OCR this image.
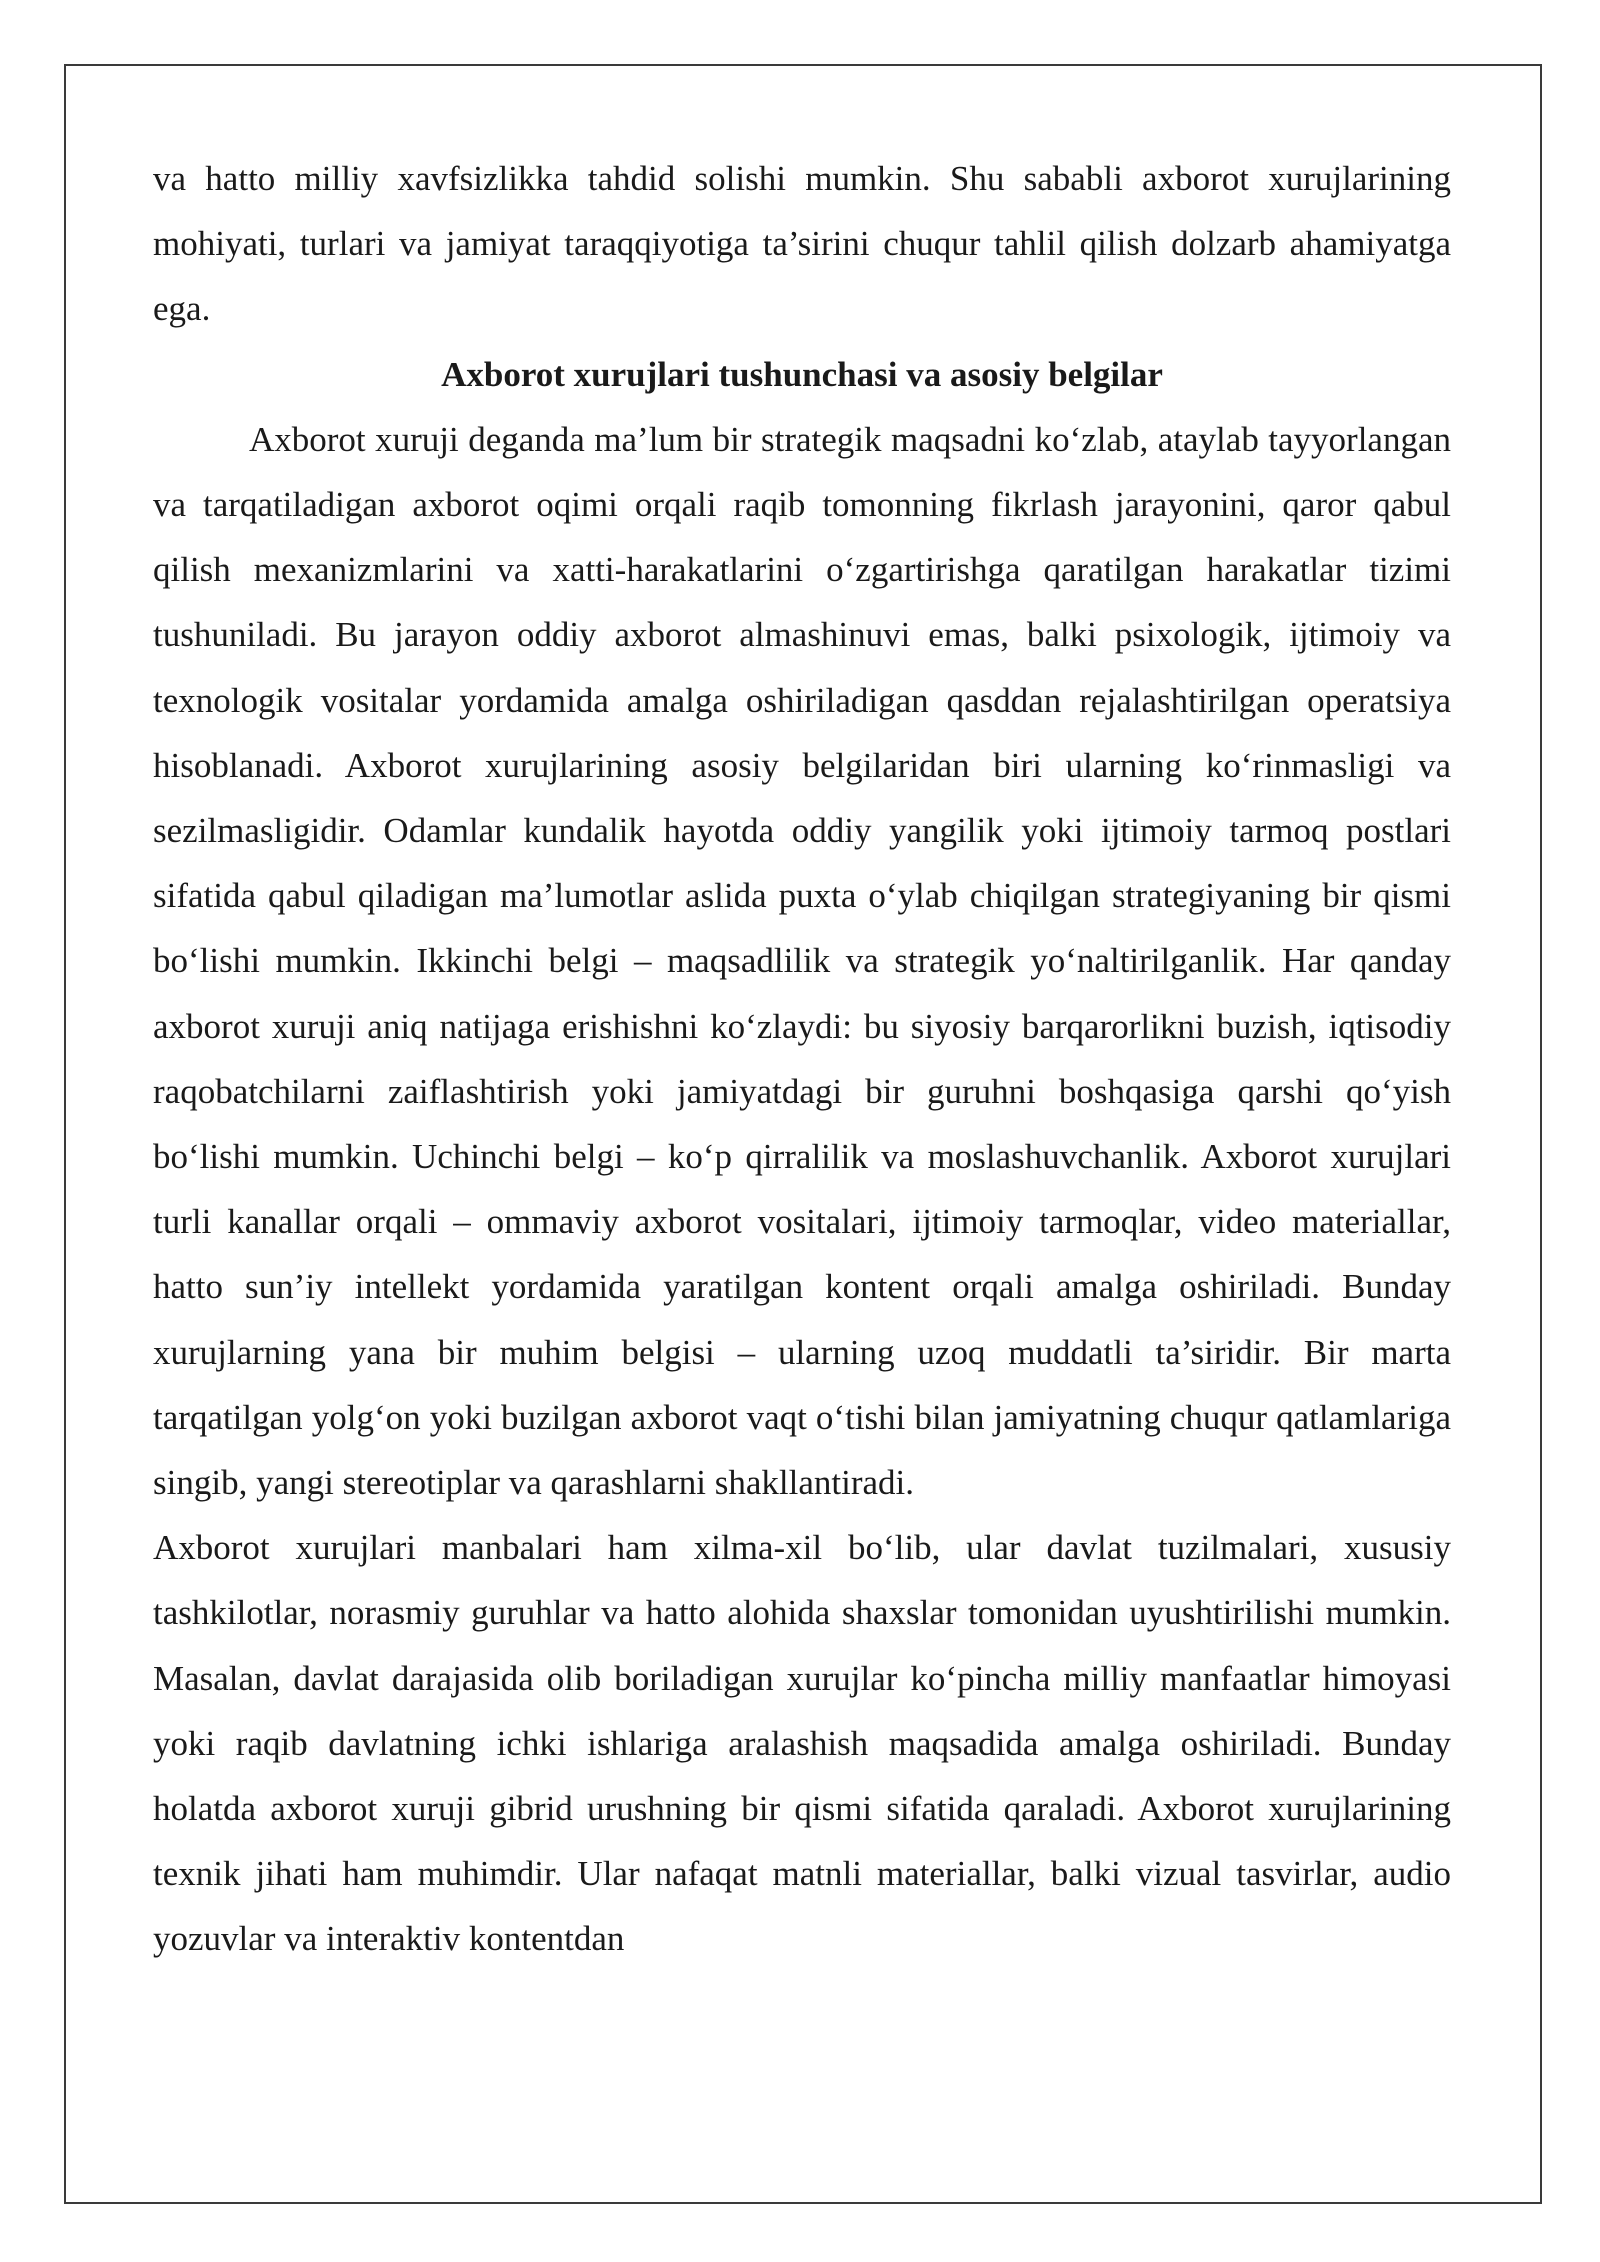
va hatto milliy xavfsizlikka tahdid solishi mumkin. Shu sababli axborot xurujlarining mohiyati, turlari va jamiyat taraqqiyotiga ta’sirini chuqur tahlil qilish dolzarb ahamiyatga ega.

Axborot xurujlari tushunchasi va asosiy belgilar

Axborot xuruji deganda ma’lum bir strategik maqsadni ko‘zlab, ataylab tayyorlangan va tarqatiladigan axborot oqimi orqali raqib tomonning fikrlash jarayonini, qaror qabul qilish mexanizmlarini va xatti-harakatlarini o‘zgartirishga qaratilgan harakatlar tizimi tushuniladi. Bu jarayon oddiy axborot almashinuvi emas, balki psixologik, ijtimoiy va texnologik vositalar yordamida amalga oshiriladigan qasddan rejalashtirilgan operatsiya hisoblanadi. Axborot xurujlarining asosiy belgilaridan biri ularning ko‘rinmasligi va sezilmasligidir. Odamlar kundalik hayotda oddiy yangilik yoki ijtimoiy tarmoq postlari sifatida qabul qiladigan ma’lumotlar aslida puxta o‘ylab chiqilgan strategiyaning bir qismi bo‘lishi mumkin. Ikkinchi belgi – maqsadlilik va strategik yo‘naltirilganlik. Har qanday axborot xuruji aniq natijaga erishishni ko‘zlaydi: bu siyosiy barqarorlikni buzish, iqtisodiy raqobatchilarni zaiflashtirish yoki jamiyatdagi bir guruhni boshqasiga qarshi qo‘yish bo‘lishi mumkin. Uchinchi belgi – ko‘p qirralilik va moslashuvchanlik. Axborot xurujlari turli kanallar orqali – ommaviy axborot vositalari, ijtimoiy tarmoqlar, video materiallar, hatto sun’iy intellekt yordamida yaratilgan kontent orqali amalga oshiriladi. Bunday xurujlarning yana bir muhim belgisi – ularning uzoq muddatli ta’siridir. Bir marta tarqatilgan yolg‘on yoki buzilgan axborot vaqt o‘tishi bilan jamiyatning chuqur qatlamlariga singib, yangi stereotiplar va qarashlarni shakllantiradi.

Axborot xurujlari manbalari ham xilma-xil bo‘lib, ular davlat tuzilmalari, xususiy tashkilotlar, norasmiy guruhlar va hatto alohida shaxslar tomonidan uyushtirilishi mumkin. Masalan, davlat darajasida olib boriladigan xurujlar ko‘pincha milliy manfaatlar himoyasi yoki raqib davlatning ichki ishlariga aralashish maqsadida amalga oshiriladi. Bunday holatda axborot xuruji gibrid urushning bir qismi sifatida qaraladi. Axborot xurujlarining texnik jihati ham muhimdir. Ular nafaqat matnli materiallar, balki vizual tasvirlar, audio yozuvlar va interaktiv kontentdan
